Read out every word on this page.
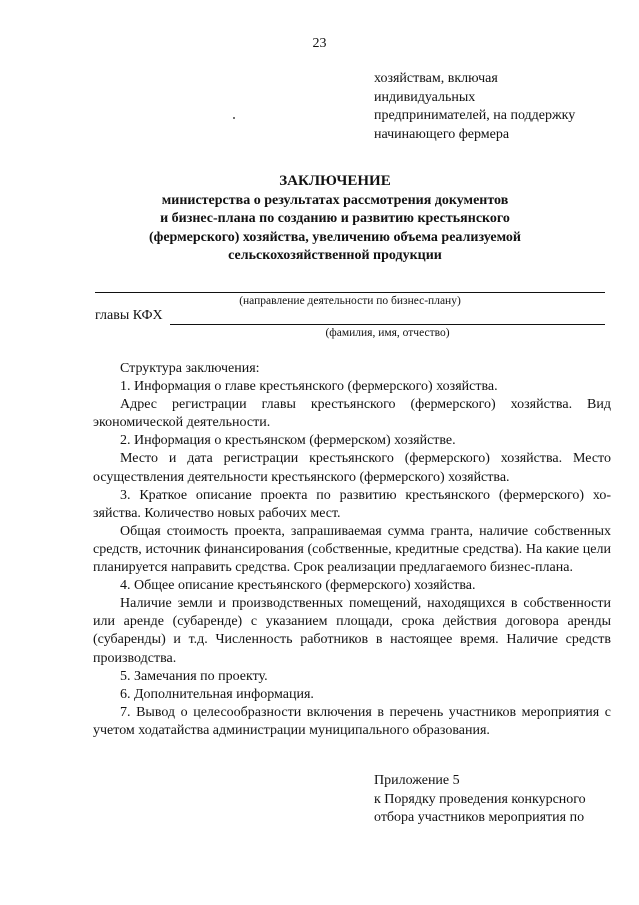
23
хозяйствам, включая
индивидуальных
предпринимателей, на поддержку
начинающего фермера
ЗАКЛЮЧЕНИЕ
министерства о результатах рассмотрения документов
и бизнес-плана по созданию и развитию крестьянского
(фермерского) хозяйства, увеличению объема реализуемой
сельскохозяйственной продукции
(направление деятельности по бизнес-плану)
главы КФХ
(фамилия, имя, отчество)

Структура заключения:

1. Информация о главе крестьянского (фермерского) хозяйства.

Адрес регистрации главы крестьянского (фермерского) хозяйства. Вид экономической деятельности.

2. Информация о крестьянском (фермерском) хозяйстве.

Место и дата регистрации крестьянского (фермерского) хозяйства. Место осуществления деятельности крестьянского (фермерского) хозяйства.

3. Краткое описание проекта по развитию крестьянского (фермерского) хозяйства. Количество новых рабочих мест.

Общая стоимость проекта, запрашиваемая сумма гранта, наличие собственных средств, источник финансирования (собственные, кредитные средства). На какие цели планируется направить средства. Срок реализации предлагаемого бизнес-плана.

4. Общее описание крестьянского (фермерского) хозяйства.

Наличие земли и производственных помещений, находящихся в собственности или аренде (субаренде) с указанием площади, срока действия договора аренды (субаренды) и т.д. Численность работников в настоящее время. Наличие средств производства.

5. Замечания по проекту.

6. Дополнительная информация.

7. Вывод о целесообразности включения в перечень участников мероприятия с учетом ходатайства администрации муниципального образования.

Приложение 5
к Порядку проведения конкурсного
отбора участников мероприятия по
